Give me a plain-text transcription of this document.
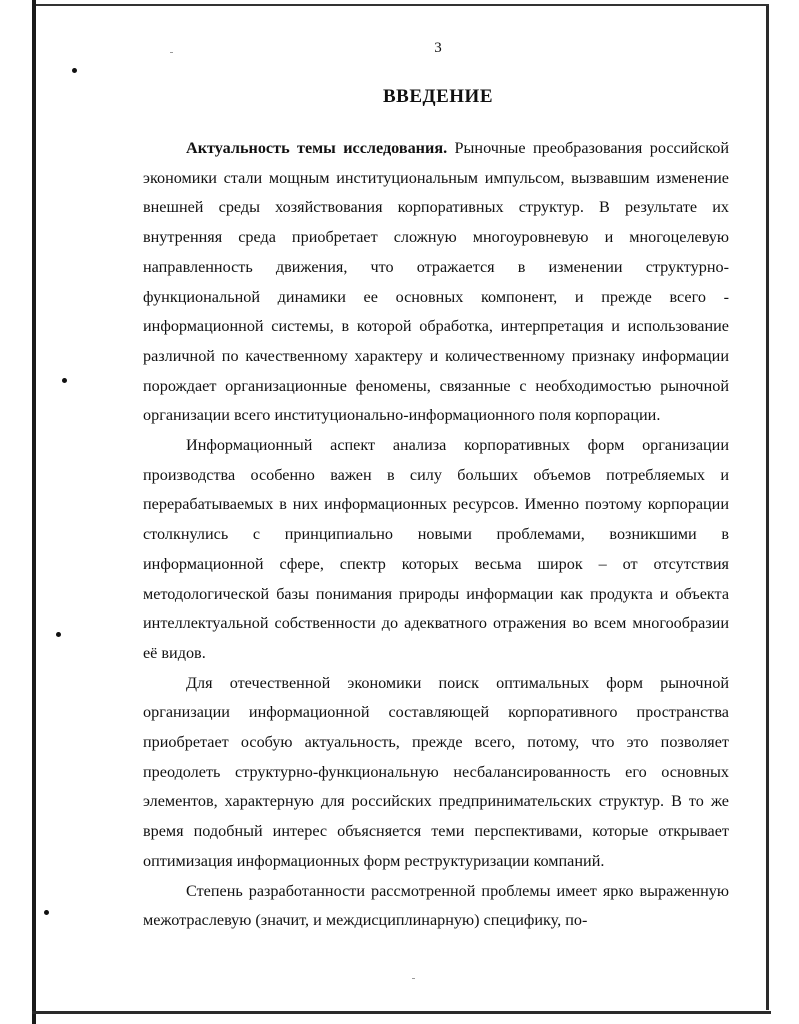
3
ВВЕДЕНИЕ

Актуальность темы исследования. Рыночные преобразования российской экономики стали мощным институциональным импульсом, вызвавшим изменение внешней среды хозяйствования корпоративных структур. В результате их внутренняя среда приобретает сложную многоуровневую и многоцелевую направленность движения, что отражается в изменении структурно-функциональной динамики ее основных компонент, и прежде всего - информационной системы, в которой обработка, интерпретация и использование различной по качественному характеру и количественному признаку информации порождает организационные феномены, связанные с необходимостью рыночной организации всего институционально-информационного поля корпорации.

Информационный аспект анализа корпоративных форм организации производства особенно важен в силу больших объемов потребляемых и перерабатываемых в них информационных ресурсов. Именно поэтому корпорации столкнулись с принципиально новыми проблемами, возникшими в информационной сфере, спектр которых весьма широк – от отсутствия методологической базы понимания природы информации как продукта и объекта интеллектуальной собственности до адекватного отражения во всем многообразии её видов.

Для отечественной экономики поиск оптимальных форм рыночной организации информационной составляющей корпоративного пространства приобретает особую актуальность, прежде всего, потому, что это позволяет преодолеть структурно-функциональную несбалансированность его основных элементов, характерную для российских предпринимательских структур. В то же время подобный интерес объясняется теми перспективами, которые открывает оптимизация информационных форм реструктуризации компаний.

Степень разработанности рассмотренной проблемы имеет ярко выраженную межотраслевую (значит, и междисциплинарную) специфику, по-
